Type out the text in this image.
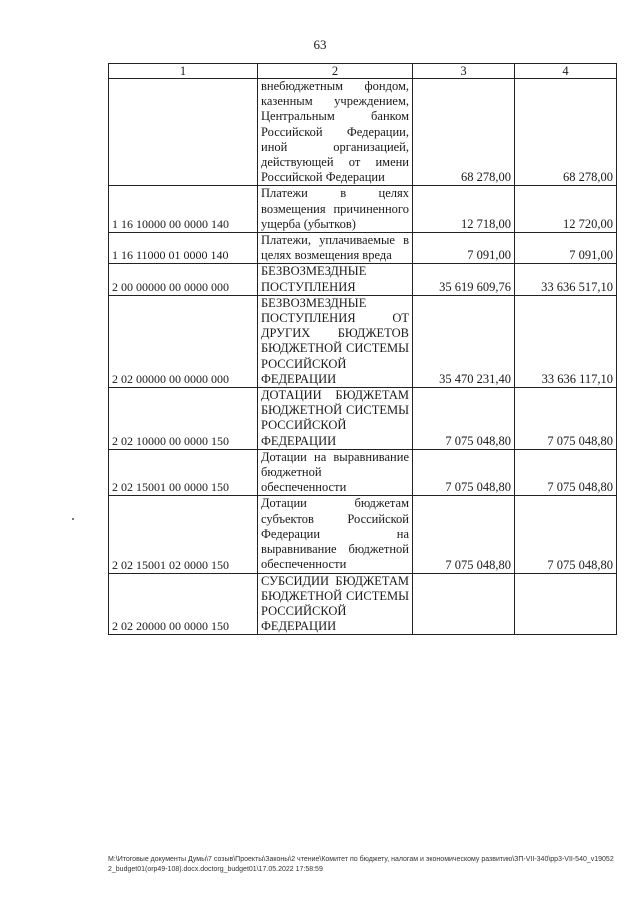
63
1	2	3	4
	внебюджетным фондом, казенным учреждением, Центральным банком Российской Федерации, иной организацией, действующей от имени Российской Федерации	68 278,00	68 278,00
1 16 10000 00 0000 140	Платежи в целях возмещения причиненного ущерба (убытков)	12 718,00	12 720,00
1 16 11000 01 0000 140	Платежи, уплачиваемые в целях возмещения вреда	7 091,00	7 091,00
2 00 00000 00 0000 000	БЕЗВОЗМЕЗДНЫЕ ПОСТУПЛЕНИЯ	35 619 609,76	33 636 517,10
2 02 00000 00 0000 000	БЕЗВОЗМЕЗДНЫЕ ПОСТУПЛЕНИЯ ОТ ДРУГИХ БЮДЖЕТОВ БЮДЖЕТНОЙ СИСТЕМЫ РОССИЙСКОЙ ФЕДЕРАЦИИ	35 470 231,40	33 636 117,10
2 02 10000 00 0000 150	ДОТАЦИИ БЮДЖЕТАМ БЮДЖЕТНОЙ СИСТЕМЫ РОССИЙСКОЙ ФЕДЕРАЦИИ	7 075 048,80	7 075 048,80
2 02 15001 00 0000 150	Дотации на выравнивание бюджетной обеспеченности	7 075 048,80	7 075 048,80
2 02 15001 02 0000 150	Дотации бюджетам субъектов Российской Федерации на выравнивание бюджетной обеспеченности	7 075 048,80	7 075 048,80
2 02 20000 00 0000 150	СУБСИДИИ БЮДЖЕТАМ БЮДЖЕТНОЙ СИСТЕМЫ РОССИЙСКОЙ ФЕДЕРАЦИИ		
М:\Итоговые документы Думы\7 созыв\Проекты\Законы\2 чтение\Комитет по бюджету, налогам и экономическому развитию\ЗП-VII-340\pp3-VII-540_v190522_budget01(orp49-108).docx.doctorg_budget01\17.05.2022 17:58:59
